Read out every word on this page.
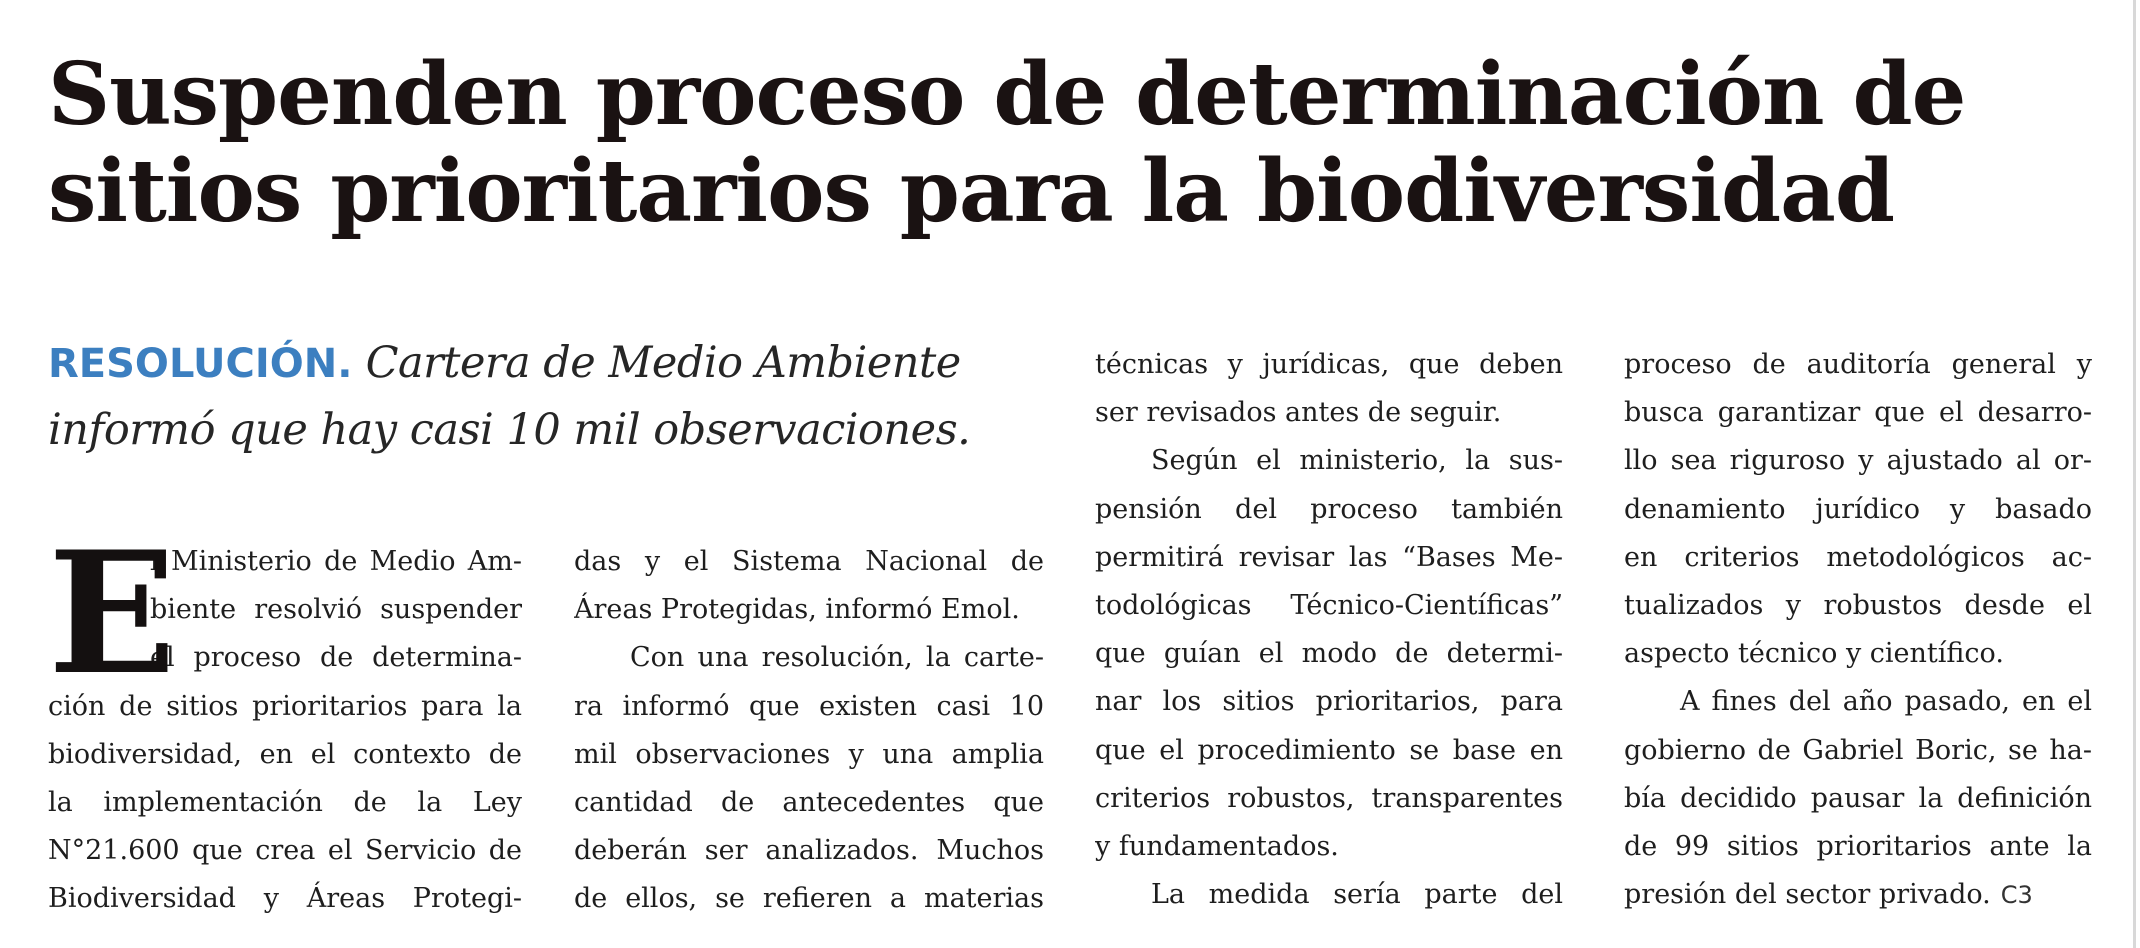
Suspenden proceso de determinación de
sitios prioritarios para la biodiversidad
RESOLUCIÓN. Cartera de Medio Ambiente
informó que hay casi 10 mil observaciones.
E
l Ministerio de Medio Am-
biente resolvió suspender
el proceso de determina-
ción de sitios prioritarios para la
biodiversidad, en el contexto de
la implementación de la Ley
N°21.600 que crea el Servicio de
Biodiversidad y Áreas Protegi-
das y el Sistema Nacional de
Áreas Protegidas, informó Emol.
Con una resolución, la carte-
ra informó que existen casi 10
mil observaciones y una amplia
cantidad de antecedentes que
deberán ser analizados. Muchos
de ellos, se refieren a materias
técnicas y jurídicas, que deben
ser revisados antes de seguir.
Según el ministerio, la sus-
pensión del proceso también
permitirá revisar las “Bases Me-
todológicas Técnico-Científicas”
que guían el modo de determi-
nar los sitios prioritarios, para
que el procedimiento se base en
criterios robustos, transparentes
y fundamentados.
La medida sería parte del
proceso de auditoría general y
busca garantizar que el desarro-
llo sea riguroso y ajustado al or-
denamiento jurídico y basado
en criterios metodológicos ac-
tualizados y robustos desde el
aspecto técnico y científico.
A fines del año pasado, en el
gobierno de Gabriel Boric, se ha-
bía decidido pausar la definición
de 99 sitios prioritarios ante la
presión del sector privado. C3
